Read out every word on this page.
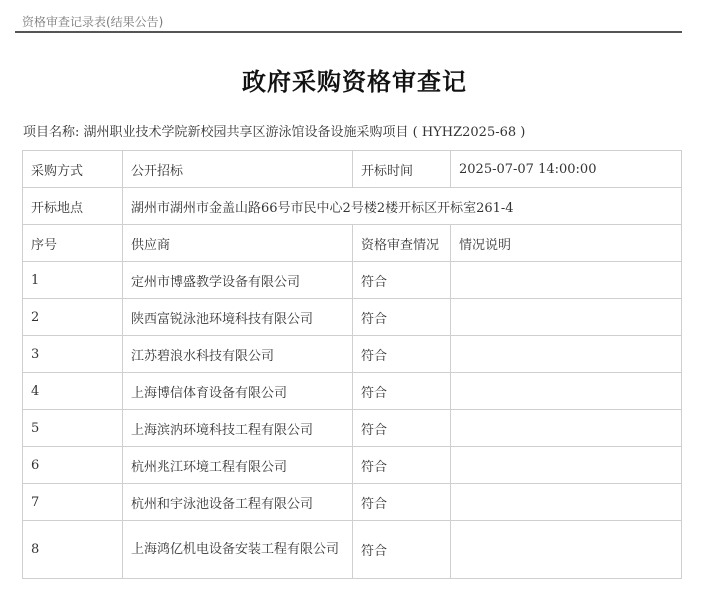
资格审查记录表(结果公告)
政府采购资格审查记
项目名称: 湖州职业技术学院新校园共享区游泳馆设备设施采购项目 ( HYHZ2025-68 )
采购方式	公开招标	开标时间	2025-07-07 14:00:00
开标地点	湖州市湖州市金盖山路66号市民中心2号楼2楼开标区开标室261-4		
序号	供应商	资格审查情况	情况说明
1	定州市博盛教学设备有限公司	符合	
2	陕西富锐泳池环境科技有限公司	符合	
3	江苏碧浪水科技有限公司	符合	
4	上海博信体育设备有限公司	符合	
5	上海滨汭环境科技工程有限公司	符合	
6	杭州兆江环境工程有限公司	符合	
7	杭州和宇泳池设备工程有限公司	符合	
8	上海鸿亿机电设备安装工程有限公司	符合	
